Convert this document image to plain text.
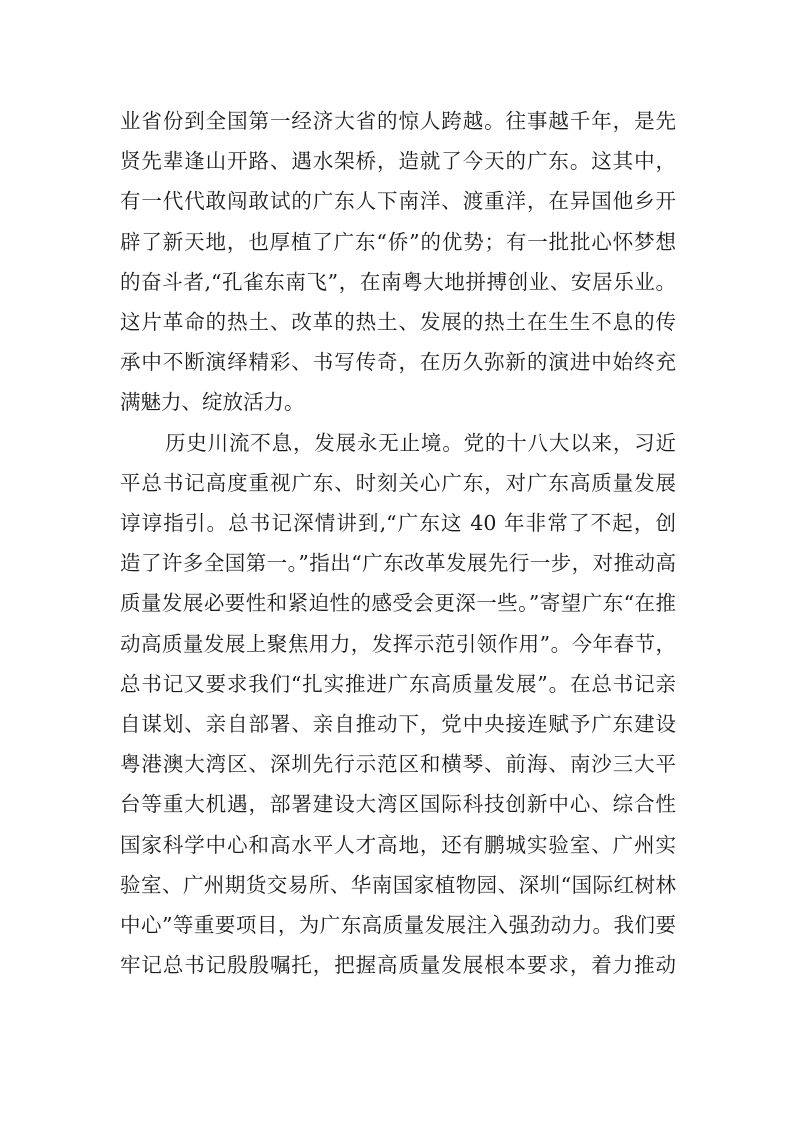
业省份到全国第一经济大省的惊人跨越。往事越千年，是先
贤先辈逢山开路、遇水架桥，造就了今天的广东。这其中，
有一代代敢闯敢试的广东人下南洋、渡重洋，在异国他乡开
辟了新天地，也厚植了广东“侨”的优势；有一批批心怀梦想
的奋斗者,“孔雀东南飞”，在南粤大地拼搏创业、安居乐业。
这片革命的热土、改革的热土、发展的热土在生生不息的传
承中不断演绎精彩、书写传奇，在历久弥新的演进中始终充
满魅力、绽放活力。
历史川流不息，发展永无止境。党的十八大以来，习近
平总书记高度重视广东、时刻关心广东，对广东高质量发展
谆谆指引。总书记深情讲到,“广东这 40 年非常了不起，创
造了许多全国第一。”指出“广东改革发展先行一步，对推动高
质量发展必要性和紧迫性的感受会更深一些。”寄望广东“在推
动高质量发展上聚焦用力，发挥示范引领作用”。今年春节，
总书记又要求我们“扎实推进广东高质量发展”。在总书记亲
自谋划、亲自部署、亲自推动下，党中央接连赋予广东建设
粤港澳大湾区、深圳先行示范区和横琴、前海、南沙三大平
台等重大机遇，部署建设大湾区国际科技创新中心、综合性
国家科学中心和高水平人才高地，还有鹏城实验室、广州实
验室、广州期货交易所、华南国家植物园、深圳“国际红树林
中心”等重要项目，为广东高质量发展注入强劲动力。我们要
牢记总书记殷殷嘱托，把握高质量发展根本要求，着力推动
